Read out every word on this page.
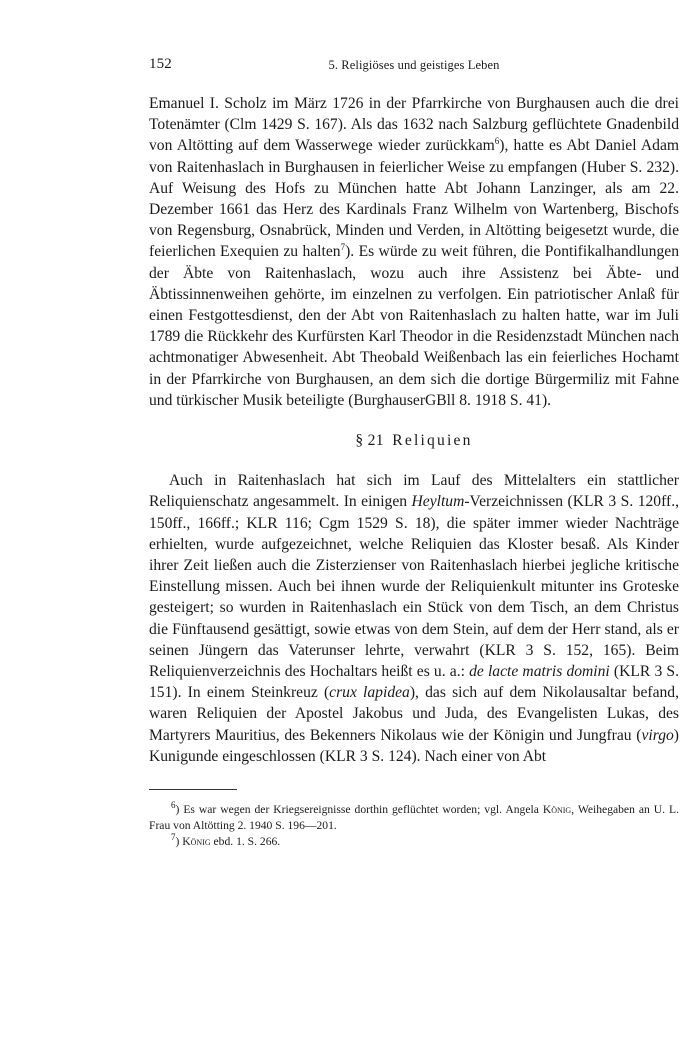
152	5. Religiöses und geistiges Leben

Emanuel I. Scholz im März 1726 in der Pfarrkirche von Burghausen auch die drei Totenämter (Clm 1429 S. 167). Als das 1632 nach Salzburg geflüchtete Gnadenbild von Altötting auf dem Wasserwege wieder zurückkam$^6$), hatte es Abt Daniel Adam von Raitenhaslach in Burghausen in feierlicher Weise zu empfangen (Huber S. 232). Auf Weisung des Hofs zu München hatte Abt Johann Lanzinger, als am 22. Dezember 1661 das Herz des Kardinals Franz Wilhelm von Wartenberg, Bischofs von Regensburg, Osnabrück, Minden und Verden, in Altötting beigesetzt wurde, die feierlichen Exequien zu halten$^7$). Es würde zu weit führen, die Pontifikalhandlungen der Äbte von Raitenhaslach, wozu auch ihre Assistenz bei Äbte- und Äbtissinnenweihen gehörte, im einzelnen zu verfolgen. Ein patriotischer Anlaß für einen Festgottesdienst, den der Abt von Raitenhaslach zu halten hatte, war im Juli 1789 die Rückkehr des Kurfürsten Karl Theodor in die Residenzstadt München nach achtmonatiger Abwesenheit. Abt Theobald Weißenbach las ein feierliches Hochamt in der Pfarrkirche von Burghausen, an dem sich die dortige Bürgermiliz mit Fahne und türkischer Musik beteiligte (BurghauserGBll 8. 1918 S. 41).

§ 21 Reliquien

Auch in Raitenhaslach hat sich im Lauf des Mittelalters ein stattlicher Reliquienschatz angesammelt. In einigen Heyltum-Verzeichnissen (KLR 3 S. 120ff., 150ff., 166ff.; KLR 116; Cgm 1529 S. 18), die später immer wieder Nachträge erhielten, wurde aufgezeichnet, welche Reliquien das Kloster besaß. Als Kinder ihrer Zeit ließen auch die Zisterzienser von Raitenhaslach hierbei jegliche kritische Einstellung missen. Auch bei ihnen wurde der Reliquienkult mitunter ins Groteske gesteigert; so wurden in Raitenhaslach ein Stück von dem Tisch, an dem Christus die Fünftausend gesättigt, sowie etwas von dem Stein, auf dem der Herr stand, als er seinen Jüngern das Vaterunser lehrte, verwahrt (KLR 3 S. 152, 165). Beim Reliquienverzeichnis des Hochaltars heißt es u. a.: de lacte matris domini (KLR 3 S. 151). In einem Steinkreuz (crux lapidea), das sich auf dem Nikolausaltar befand, waren Reliquien der Apostel Jakobus und Juda, des Evangelisten Lukas, des Martyrers Mauritius, des Bekenners Nikolaus wie der Königin und Jungfrau (virgo) Kunigunde eingeschlossen (KLR 3 S. 124). Nach einer von Abt

$^6$) Es war wegen der Kriegsereignisse dorthin geflüchtet worden; vgl. Angela König, Weihegaben an U. L. Frau von Altötting 2. 1940 S. 196—201.

$^7$) König ebd. 1. S. 266.
